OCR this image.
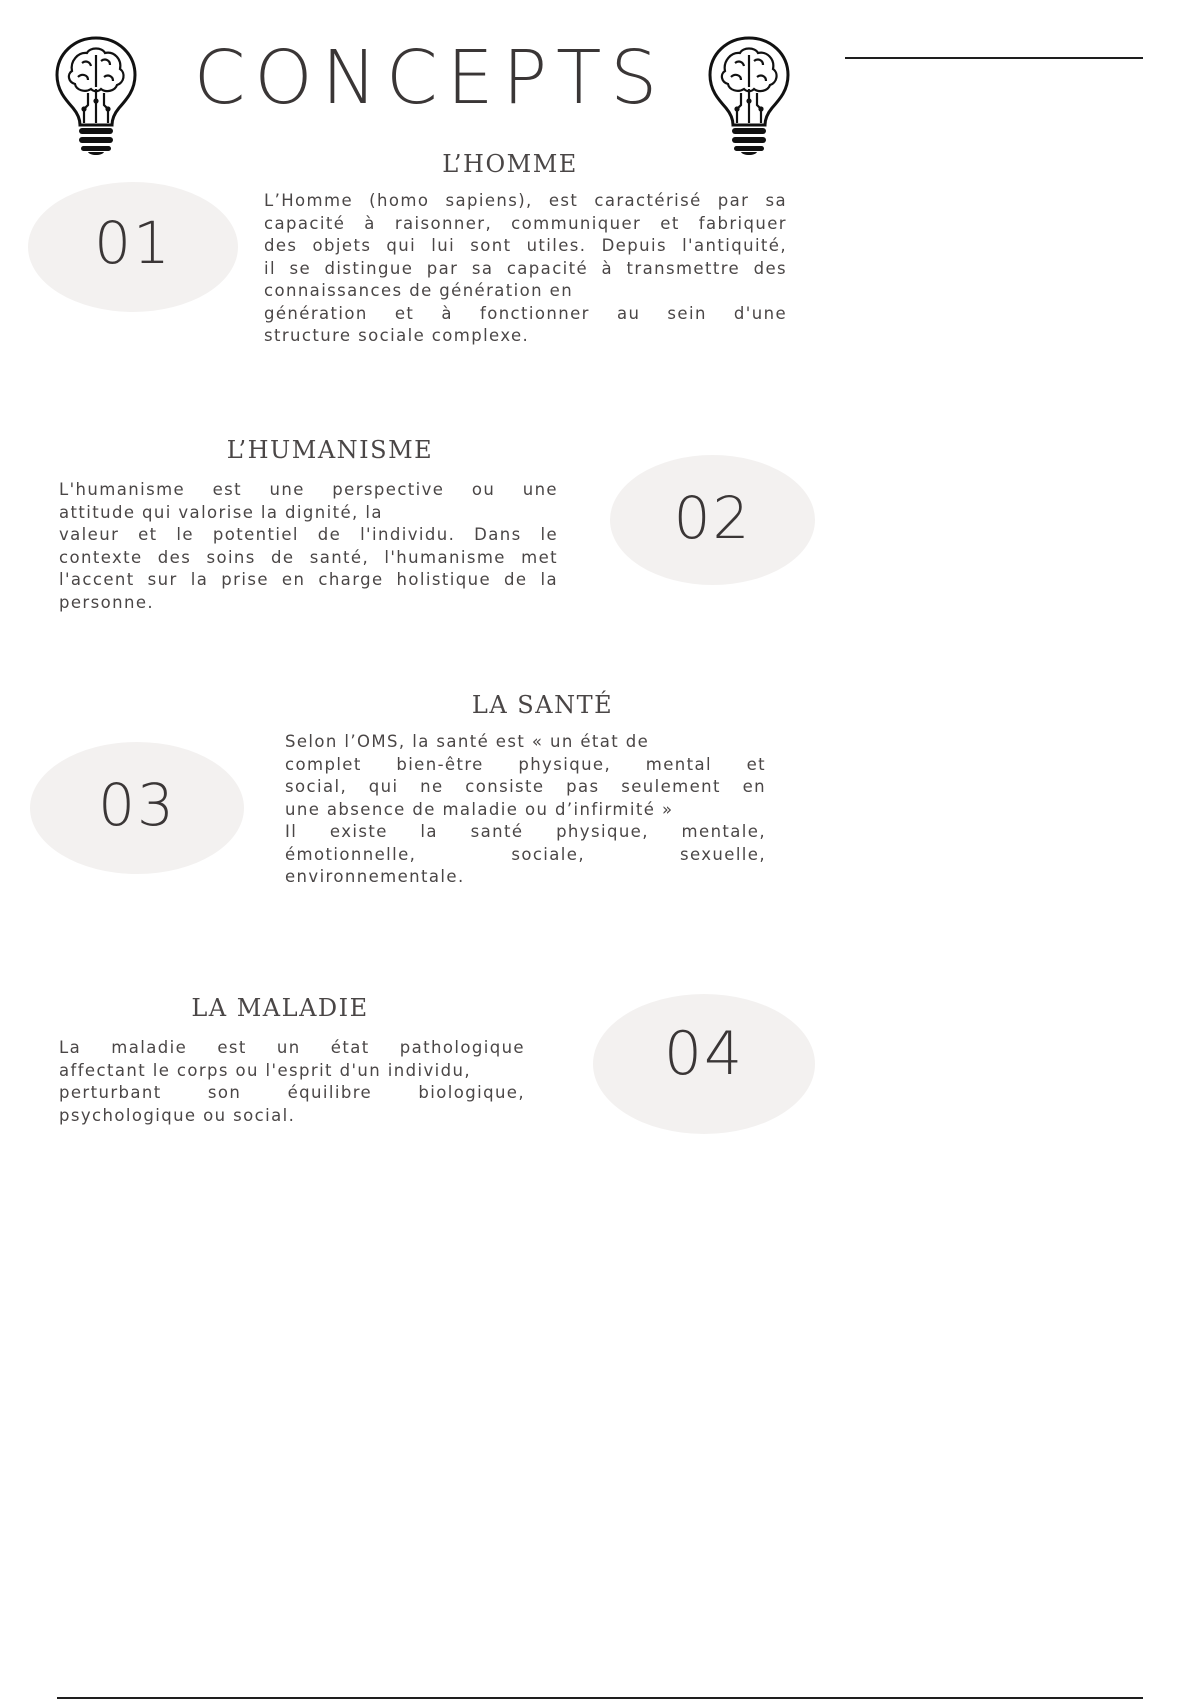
CONCEPTS
01
L’HOMME
L’Homme (homo sapiens), est caractérisé par sa
capacité à raisonner, communiquer et fabriquer
des objets qui lui sont utiles. Depuis l'antiquité,
il se distingue par sa capacité à transmettre des
connaissances de génération en
génération et à fonctionner au sein d'une
structure sociale complexe.
L’HUMANISME
L'humanisme est une perspective ou une
attitude qui valorise la dignité, la
valeur et le potentiel de l'individu. Dans le
contexte des soins de santé, l'humanisme met
l'accent sur la prise en charge holistique de la
personne.
02
LA SANTÉ
03
Selon l’OMS, la santé est « un état de
complet bien-être physique, mental et
social, qui ne consiste pas seulement en
une absence de maladie ou d’infirmité »
Il existe la santé physique, mentale,
émotionnelle, sociale, sexuelle,
environnementale.
LA MALADIE
La maladie est un état pathologique
affectant le corps ou l'esprit d'un individu,
perturbant son équilibre biologique,
psychologique ou social.
04
